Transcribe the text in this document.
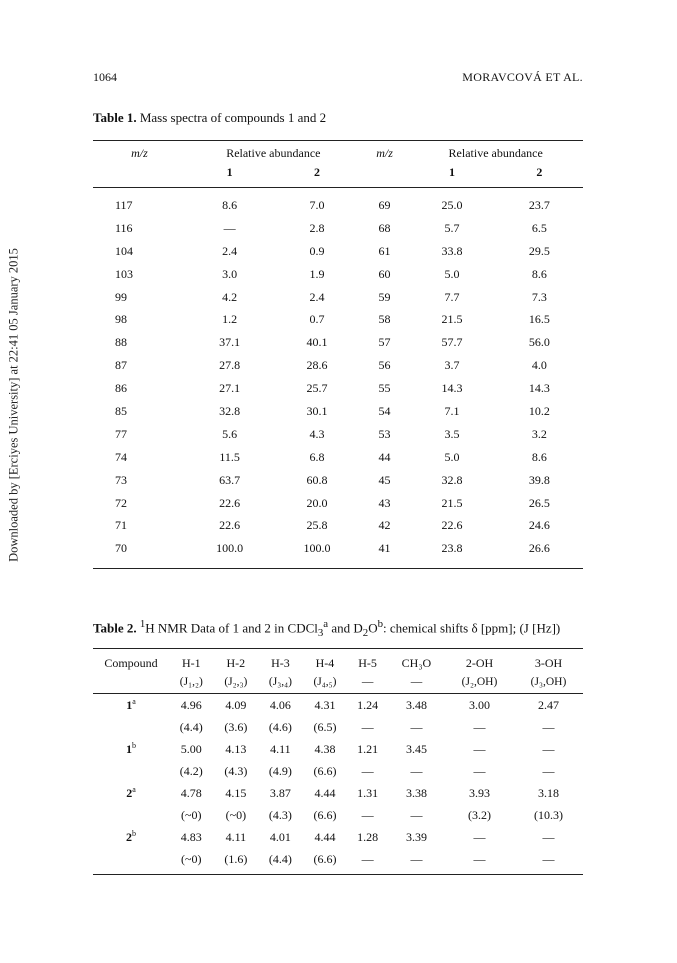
1064	MORAVCOVÁ ET AL.
Downloaded by [Erciyes University] at 22:41 05 January 2015
Table 1. Mass spectra of compounds 1 and 2
m/z	Relative abundance		m/z	Relative abundance	
	1	2		1	2
117	8.6	7.0	69	25.0	23.7
116	—	2.8	68	5.7	6.5
104	2.4	0.9	61	33.8	29.5
103	3.0	1.9	60	5.0	8.6
99	4.2	2.4	59	7.7	7.3
98	1.2	0.7	58	21.5	16.5
88	37.1	40.1	57	57.7	56.0
87	27.8	28.6	56	3.7	4.0
86	27.1	25.7	55	14.3	14.3
85	32.8	30.1	54	7.1	10.2
77	5.6	4.3	53	3.5	3.2
74	11.5	6.8	44	5.0	8.6
73	63.7	60.8	45	32.8	39.8
72	22.6	20.0	43	21.5	26.5
71	22.6	25.8	42	22.6	24.6
70	100.0	100.0	41	23.8	26.6
Table 2. $^1$H NMR Data of 1 and 2 in CDCl$_3^a$ and $D_2O^b$: chemical shifts δ [ppm]; (J [Hz])
Compound	H-1	H-2	H-3	H-4	H-5	CH₃O	2-OH	3-OH
	(J₁,₂)	(J₂,₃)	(J₃,₄)	(J₄,₅)	—	—	(J₂,OH)	(J₃,OH)
1$^a$	4.96	4.09	4.06	4.31	1.24	3.48	3.00	2.47
	(4.4)	(3.6)	(4.6)	(6.5)	—	—	—	—
1$^b$	5.00	4.13	4.11	4.38	1.21	3.45	—	—
	(4.2)	(4.3)	(4.9)	(6.6)	—	—	—	—
2$^a$	4.78	4.15	3.87	4.44	1.31	3.38	3.93	3.18
	(~0)	(~0)	(4.3)	(6.6)	—	—	(3.2)	(10.3)
2$^b$	4.83	4.11	4.01	4.44	1.28	3.39	—	—
	(~0)	(1.6)	(4.4)	(6.6)	—	—	—	—
